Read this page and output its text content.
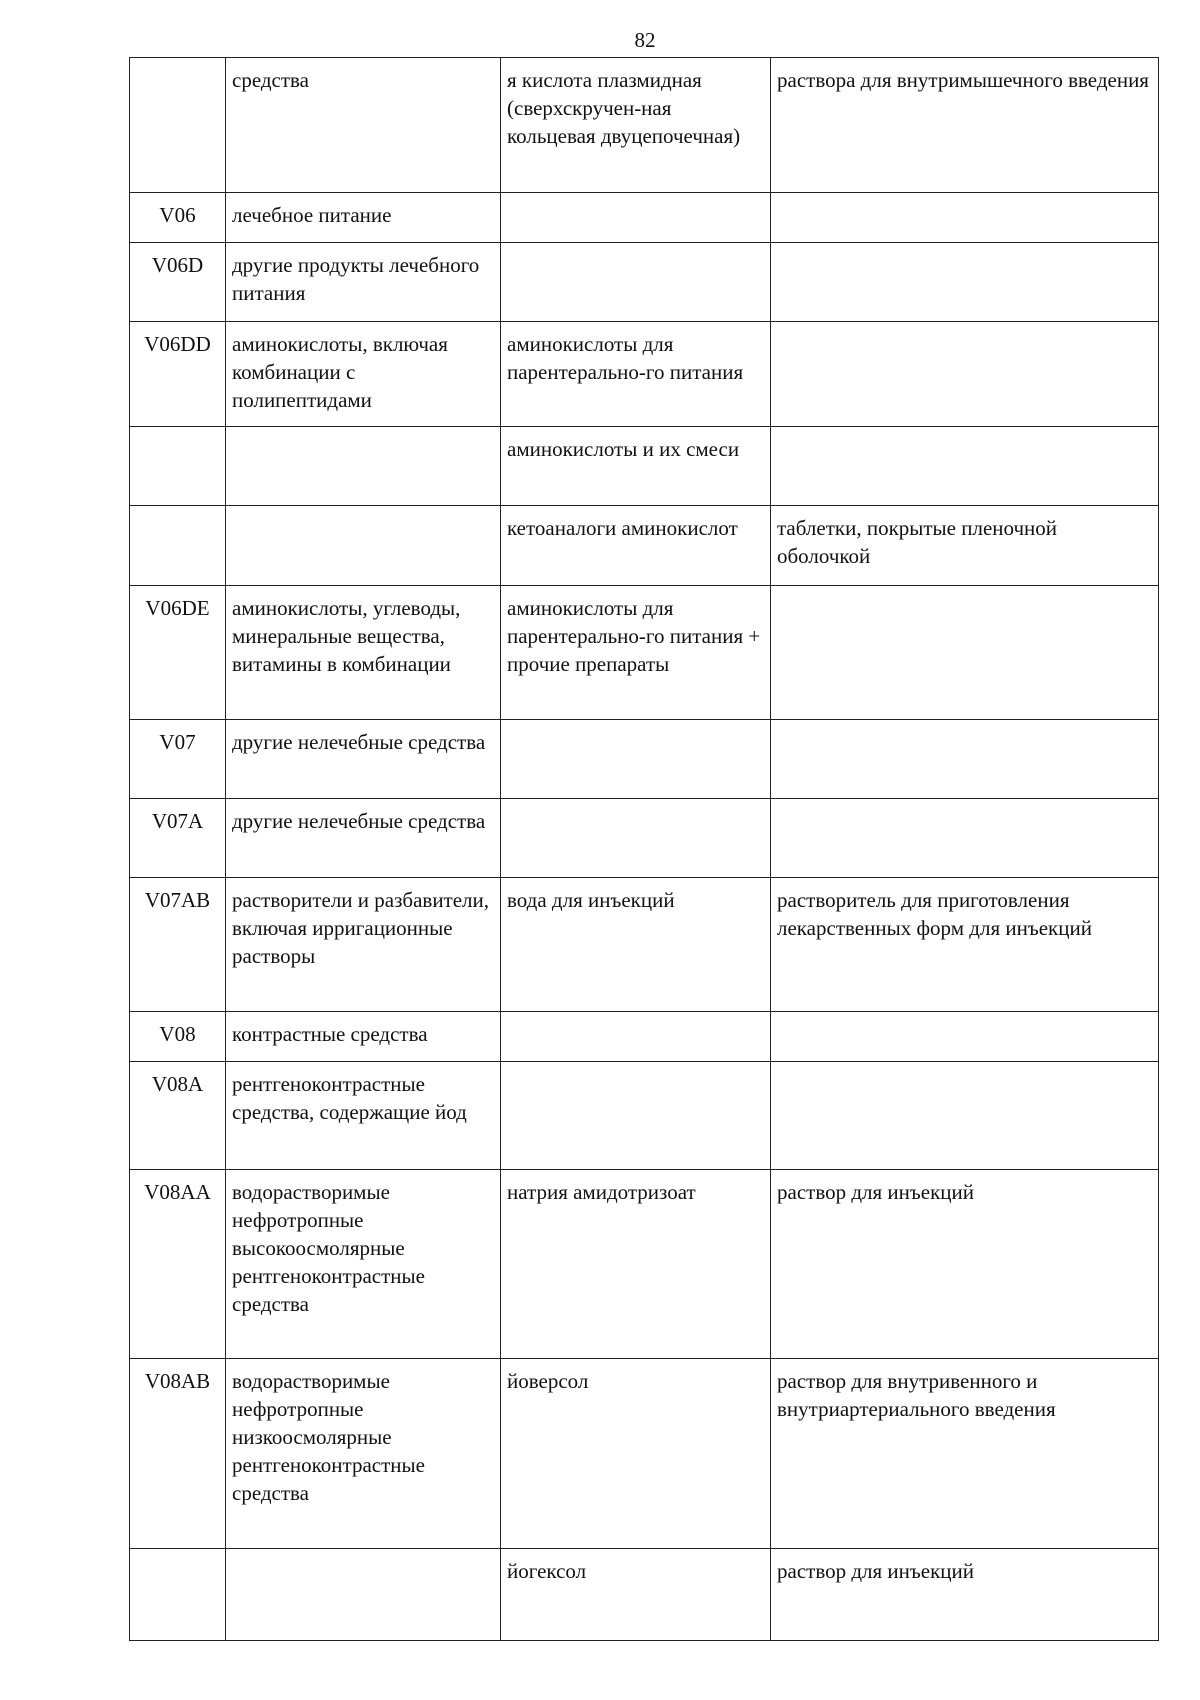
82
	средства	я кислота плазмидная (сверхскручен-ная кольцевая двуцепочечная)	раствора для внутримышечного введения
V06	лечебное питание		
V06D	другие продукты лечебного питания		
V06DD	аминокислоты, включая комбинации с полипептидами	аминокислоты для парентерально-го питания	
		аминокислоты и их смеси	
		кетоаналоги аминокислот	таблетки, покрытые пленочной оболочкой
V06DE	аминокислоты, углеводы, минеральные вещества, витамины в комбинации	аминокислоты для парентерально-го питания + прочие препараты	
V07	другие нелечебные средства		
V07A	другие нелечебные средства		
V07AB	растворители и разбавители, включая ирригационные растворы	вода для инъекций	растворитель для приготовления лекарственных форм для инъекций
V08	контрастные средства		
V08A	рентгеноконтрастные средства, содержащие йод		
V08AA	водорастворимые нефротропные высокоосмолярные рентгеноконтрастные средства	натрия амидотризоат	раствор для инъекций
V08AB	водорастворимые нефротропные низкоосмолярные рентгеноконтрастные средства	йоверсол	раствор для внутривенного и внутриартериального введения
		йогексол	раствор для инъекций
